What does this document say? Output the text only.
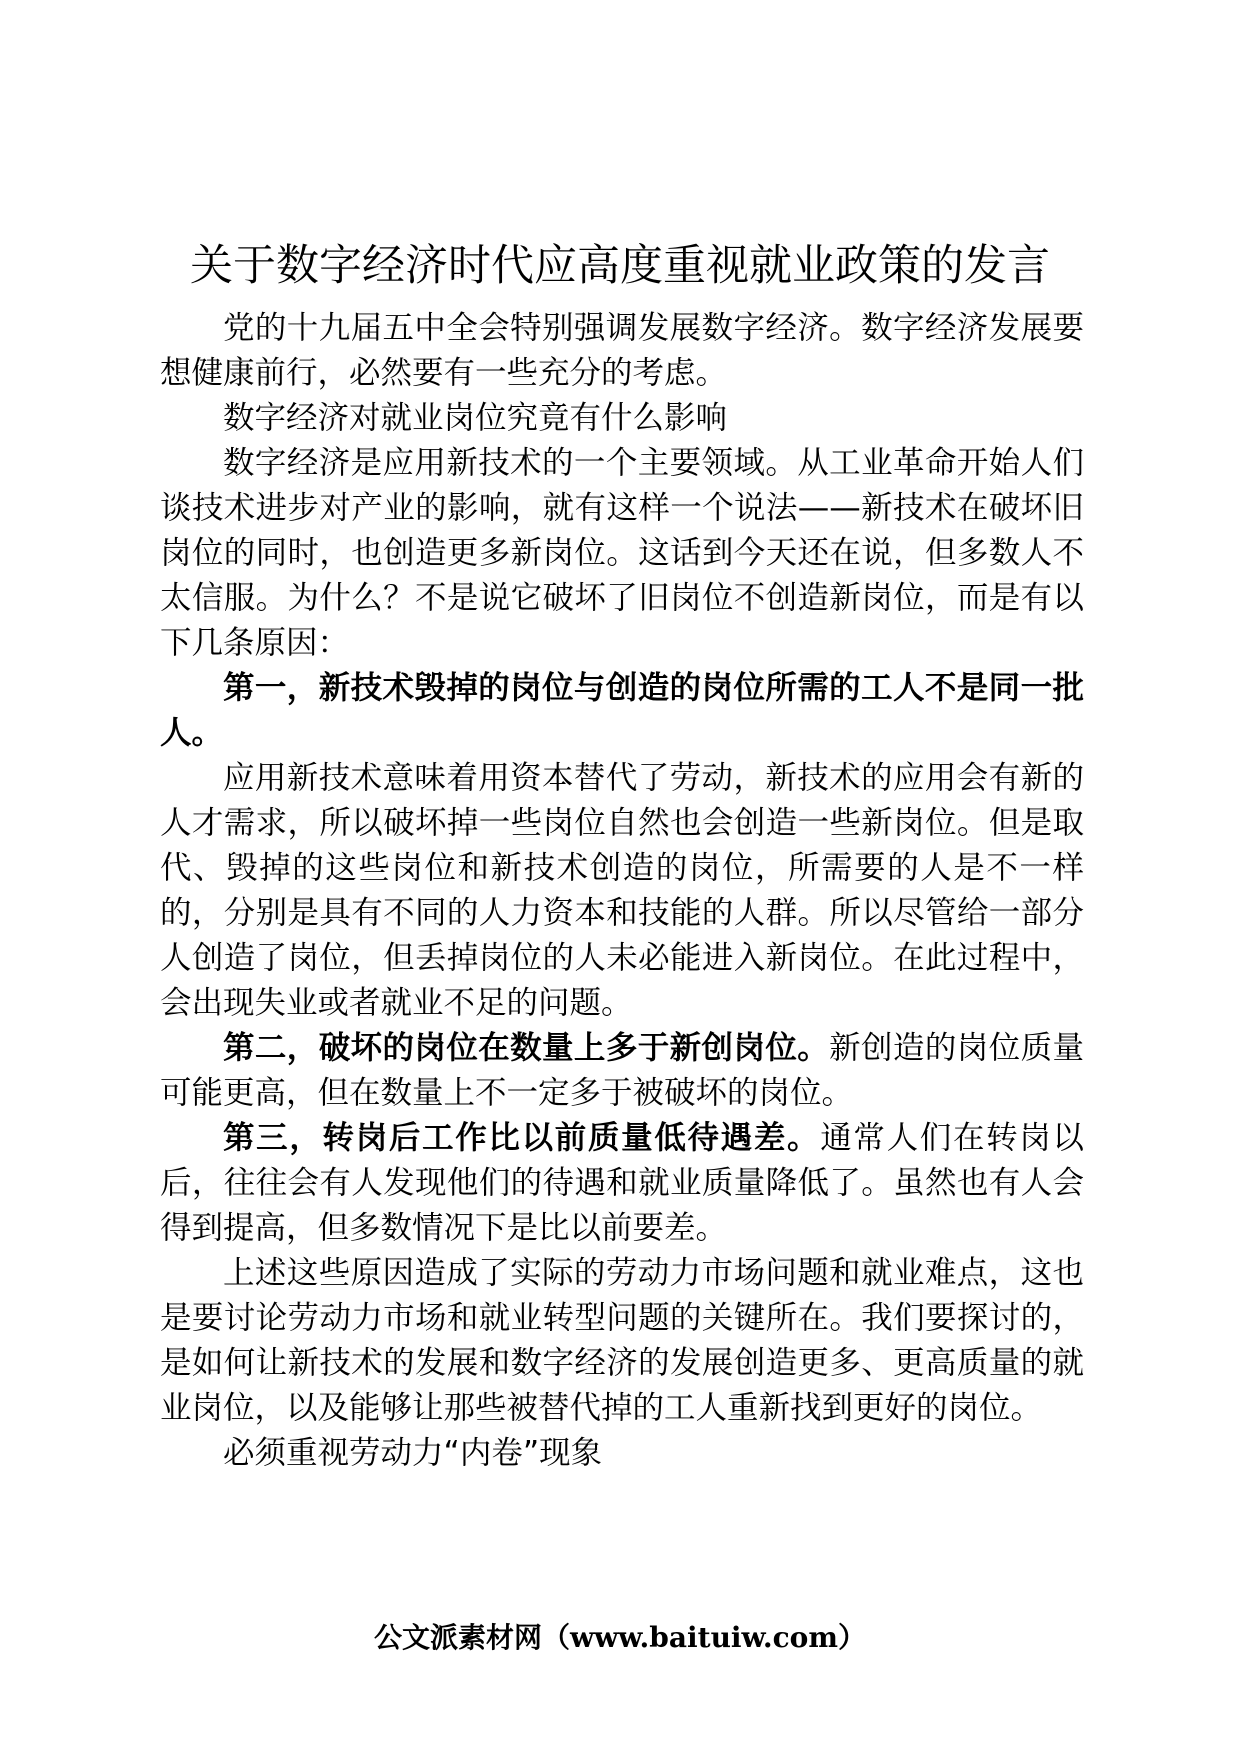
关于数字经济时代应高度重视就业政策的发言

党的十九届五中全会特别强调发展数字经济。数字经济发展要想健康前行，必然要有一些充分的考虑。

数字经济对就业岗位究竟有什么影响

数字经济是应用新技术的一个主要领域。从工业革命开始人们谈技术进步对产业的影响，就有这样一个说法——新技术在破坏旧岗位的同时，也创造更多新岗位。这话到今天还在说，但多数人不太信服。为什么？不是说它破坏了旧岗位不创造新岗位，而是有以下几条原因：

第一，新技术毁掉的岗位与创造的岗位所需的工人不是同一批人。

应用新技术意味着用资本替代了劳动，新技术的应用会有新的人才需求，所以破坏掉一些岗位自然也会创造一些新岗位。但是取代、毁掉的这些岗位和新技术创造的岗位，所需要的人是不一样的，分别是具有不同的人力资本和技能的人群。所以尽管给一部分人创造了岗位，但丢掉岗位的人未必能进入新岗位。在此过程中，会出现失业或者就业不足的问题。

第二，破坏的岗位在数量上多于新创岗位。新创造的岗位质量可能更高，但在数量上不一定多于被破坏的岗位。

第三，转岗后工作比以前质量低待遇差。通常人们在转岗以后，往往会有人发现他们的待遇和就业质量降低了。虽然也有人会得到提高，但多数情况下是比以前要差。

上述这些原因造成了实际的劳动力市场问题和就业难点，这也是要讨论劳动力市场和就业转型问题的关键所在。我们要探讨的，是如何让新技术的发展和数字经济的发展创造更多、更高质量的就业岗位，以及能够让那些被替代掉的工人重新找到更好的岗位。

必须重视劳动力“内卷”现象

公文派素材网（www.baituiw.com）
